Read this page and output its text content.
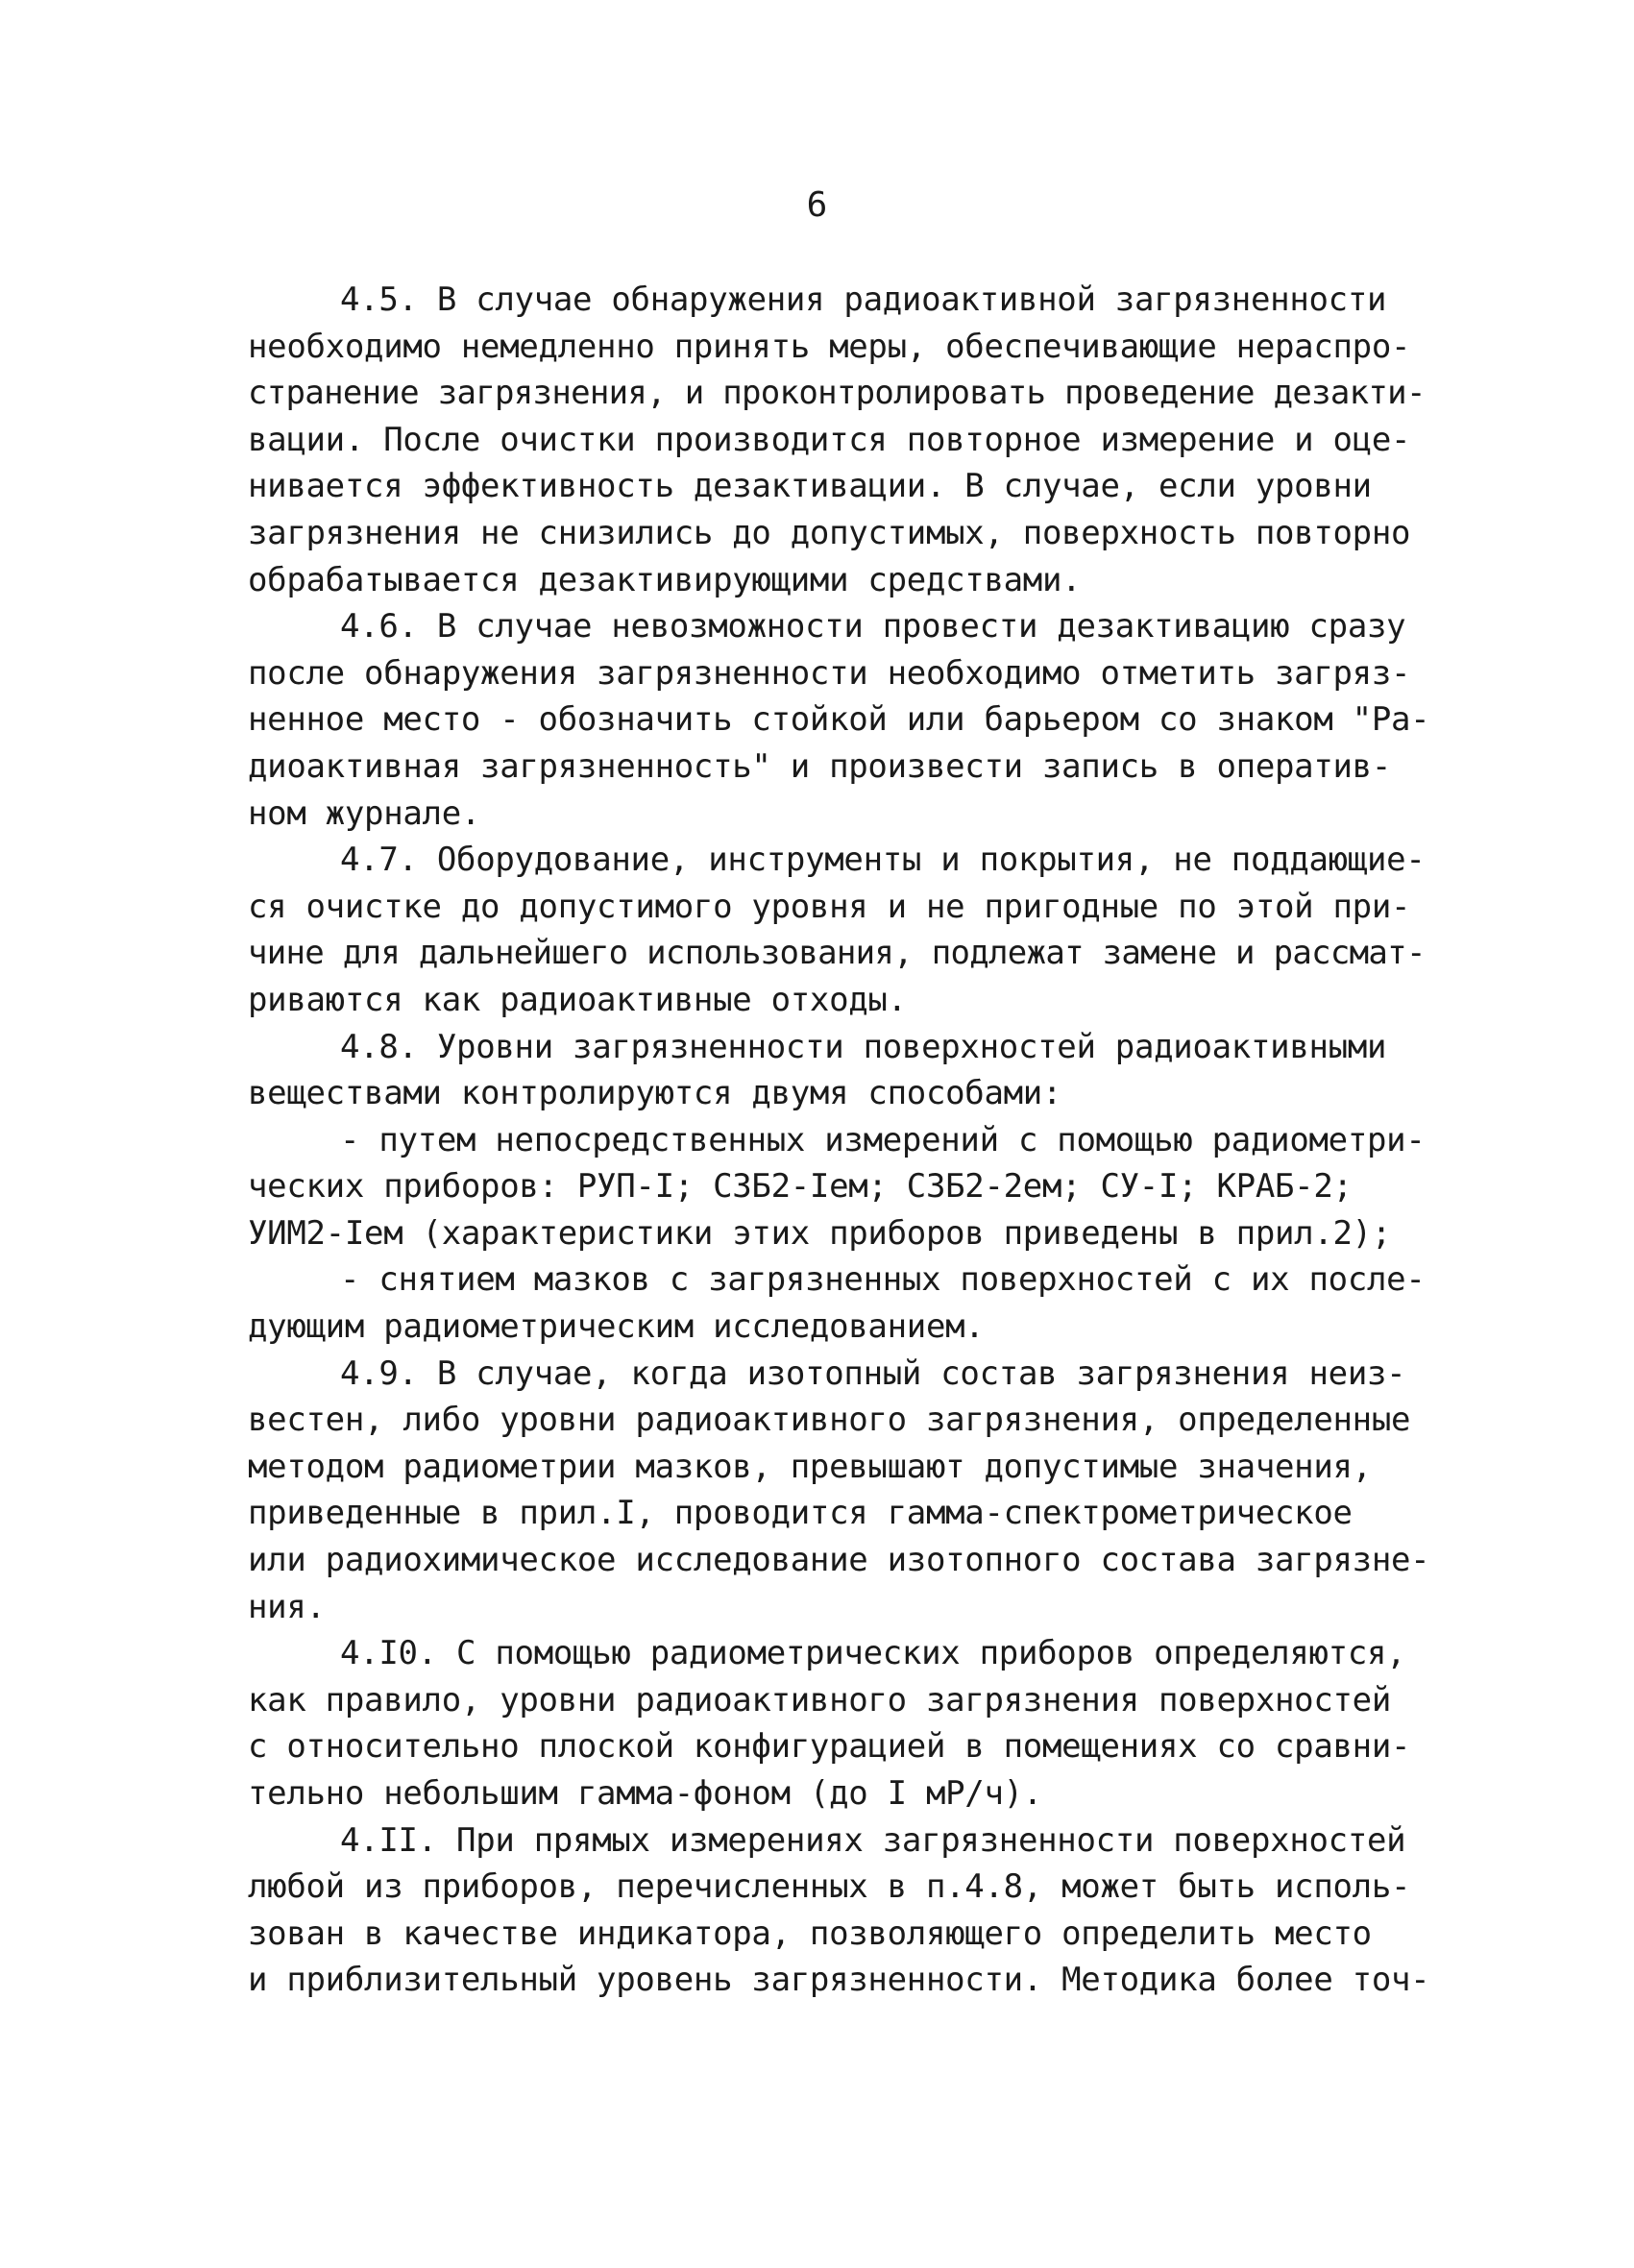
6
4.5. В случае обнаружения радиоактивной загрязненности
необходимо немедленно принять меры, обеспечивающие нераспро-
странение загрязнения, и проконтролировать проведение дезакти-
вации. После очистки производится повторное измерение и оце-
нивается эффективность дезактивации. В случае, если уровни
загрязнения не снизились до допустимых, поверхность повторно
обрабатывается дезактивирующими средствами.
4.6. В случае невозможности провести дезактивацию сразу
после обнаружения загрязненности необходимо отметить загряз-
ненное место - обозначить стойкой или барьером со знаком "Ра-
диоактивная загрязненность" и произвести запись в оператив-
ном журнале.
4.7. Оборудование, инструменты и покрытия, не поддающие-
ся очистке до допустимого уровня и не пригодные по этой при-
чине для дальнейшего использования, подлежат замене и рассмат-
риваются как радиоактивные отходы.
4.8. Уровни загрязненности поверхностей радиоактивными
веществами контролируются двумя способами:
- путем непосредственных измерений с помощью радиометри-
ческих приборов: РУП-I; СЗБ2-Iем; СЗБ2-2ем; СУ-I; КРАБ-2;
УИМ2-Iем (характеристики этих приборов приведены в прил.2);
- снятием мазков с загрязненных поверхностей с их после-
дующим радиометрическим исследованием.
4.9. В случае, когда изотопный состав загрязнения неиз-
вестен, либо уровни радиоактивного загрязнения, определенные
методом радиометрии мазков, превышают допустимые значения,
приведенные в прил.I, проводится гамма-спектрометрическое
или радиохимическое исследование изотопного состава загрязне-
ния.
4.I0. С помощью радиометрических приборов определяются,
как правило, уровни радиоактивного загрязнения поверхностей
с относительно плоской конфигурацией в помещениях со сравни-
тельно небольшим гамма-фоном (до I мР/ч).
4.II. При прямых измерениях загрязненности поверхностей
любой из приборов, перечисленных в п.4.8, может быть исполь-
зован в качестве индикатора, позволяющего определить место
и приблизительный уровень загрязненности. Методика более точ-
